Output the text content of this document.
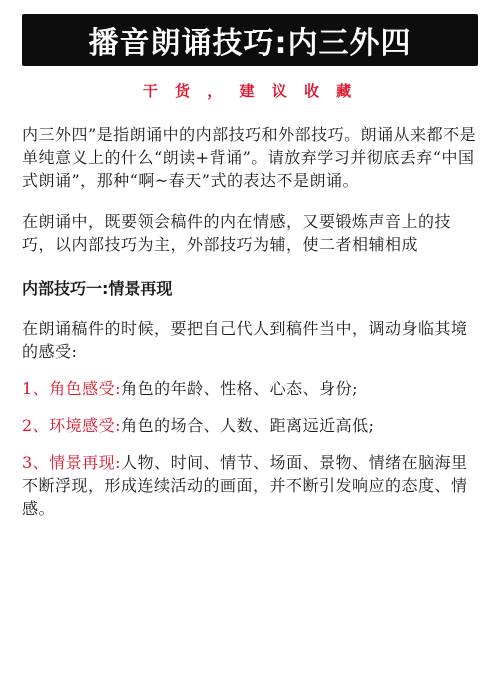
播音朗诵技巧:内三外四
干 货 ， 建 议 收 藏

内三外四”是指朗诵中的内部技巧和外部技巧。朗诵从来都不是单纯意义上的什么“朗读+背诵”。请放弃学习并彻底丢弃“中国式朗诵”，那种“啊~春天”式的表达不是朗诵。

在朗诵中，既要领会稿件的内在情感，又要锻炼声音上的技巧，以内部技巧为主，外部技巧为辅，使二者相辅相成

内部技巧一:情景再现

在朗诵稿件的时候，要把自己代人到稿件当中，调动身临其境的感受:

1、角色感受:角色的年龄、性格、心态、身份;

2、环境感受:角色的场合、人数、距离远近高低;

3、情景再现:人物、时间、情节、场面、景物、情绪在脑海里不断浮现，形成连续活动的画面，并不断引发响应的态度、情感。
